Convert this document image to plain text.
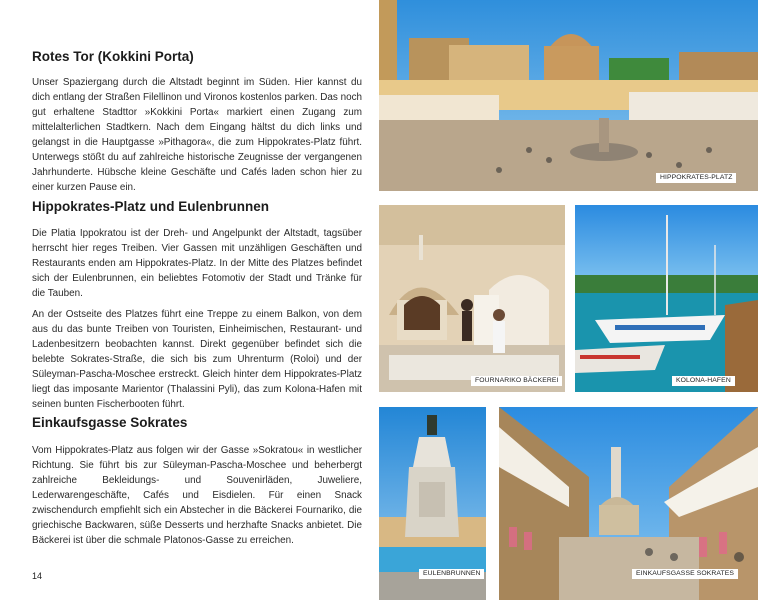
Rotes Tor (Kokkini Porta)

Unser Spaziergang durch die Altstadt beginnt im Süden. Hier kannst du dich entlang der Straßen Filellinon und Vironos kostenlos parken. Das noch gut erhaltene Stadttor »Kokkini Porta« markiert einen Zugang zum mittelalterlichen Stadtkern. Nach dem Eingang hältst du dich links und gelangst in die Hauptgasse »Pithagora«, die zum Hippokrates-Platz führt. Unterwegs stößt du auf zahlreiche historische Zeugnisse der vergangenen Jahrhunderte. Hübsche kleine Geschäfte und Cafés laden schon hier zu einer kurzen Pause ein.

Hippokrates-Platz und Eulenbrunnen

Die Platia Ippokratou ist der Dreh- und Angelpunkt der Altstadt, tagsüber herrscht hier reges Treiben. Vier Gassen mit unzähligen Geschäften und Restaurants enden am Hippokrates-Platz. In der Mitte des Platzes befindet sich der Eulenbrunnen, ein beliebtes Fotomotiv der Stadt und Tränke für die Tauben.

An der Ostseite des Platzes führt eine Treppe zu einem Balkon, von dem aus du das bunte Treiben von Touristen, Einheimischen, Restaurant- und Ladenbesitzern beobachten kannst. Direkt gegenüber befindet sich die belebte Sokrates-Straße, die sich bis zum Uhrenturm (Roloi) und der Süleyman-Pascha-Moschee erstreckt. Gleich hinter dem Hippokrates-Platz liegt das imposante Marientor (Thalassini Pyli), das zum Kolona-Hafen mit seinen bunten Fischerbooten führt.

Einkaufsgasse Sokrates

Vom Hippokrates-Platz aus folgen wir der Gasse »Sokratou« in westlicher Richtung. Sie führt bis zur Süleyman-Pascha-Moschee und beherbergt zahlreiche Bekleidungs- und Souvenirläden, Juweliere, Lederwarengeschäfte, Cafés und Eisdielen. Für einen Snack zwischendurch empfiehlt sich ein Abstecher in die Bäckerei Fournariko, die griechische Backwaren, süße Desserts und herzhafte Snacks anbietet. Die Bäckerei ist über die schmale Platonos-Gasse zu erreichen.

14
HIPPOKRATES-PLATZ
FOURNARIKO BÄCKEREI	KOLONA-HAFEN
EULENBRUNNEN	EINKAUFSGASSE SOKRATES
